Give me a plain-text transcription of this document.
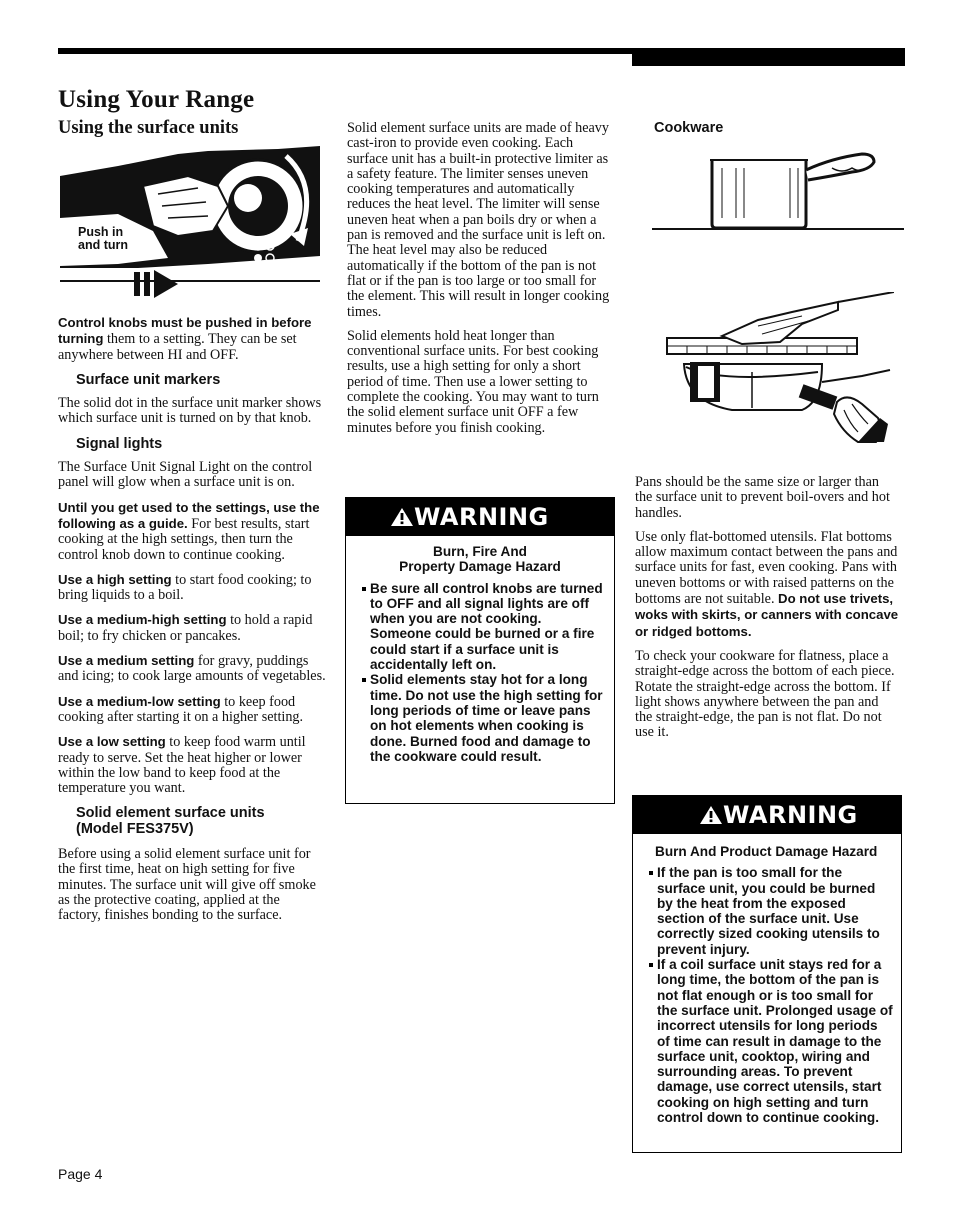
Using Your Range
Using the surface units
Push in
and turn

Control knobs must be pushed in before turning them to a setting. They can be set anywhere between HI and OFF.

Surface unit markers

The solid dot in the surface unit marker shows which surface unit is turned on by that knob.

Signal lights

The Surface Unit Signal Light on the control panel will glow when a surface unit is on.

Until you get used to the settings, use the following as a guide. For best results, start cooking at the high settings, then turn the control knob down to continue cooking.

Use a high setting to start food cooking; to bring liquids to a boil.

Use a medium-high setting to hold a rapid boil; to fry chicken or pancakes.

Use a medium setting for gravy, puddings and icing; to cook large amounts of vegetables.

Use a medium-low setting to keep food cooking after starting it on a higher setting.

Use a low setting to keep food warm until ready to serve. Set the heat higher or lower within the low band to keep food at the temperature you want.

Solid element surface units
(Model FES375V)

Before using a solid element surface unit for the first time, heat on high setting for five minutes. The surface unit will give off smoke as the protective coating, applied at the factory, finishes bonding to the surface.

Solid element surface units are made of heavy cast-iron to provide even cooking. Each surface unit has a built-in protective limiter as a safety feature. The limiter senses uneven cooking temperatures and automatically reduces the heat level. The limiter will sense uneven heat when a pan boils dry or when a pan is removed and the surface unit is left on. The heat level may also be reduced automatically if the bottom of the pan is not flat or if the pan is too large or too small for the element. This will result in longer cooking times.

Solid elements hold heat longer than conventional surface units. For best cooking results, use a high setting for only a short period of time. Then use a lower setting to complete the cooking. You may want to turn the solid element surface unit OFF a few minutes before you finish cooking.

WARNING
Burn, Fire And
Property Damage Hazard

Be sure all control knobs are turned to OFF and all signal lights are off when you are not cooking. Someone could be burned or a fire could start if a surface unit is accidentally left on.

Solid elements stay hot for a long time. Do not use the high setting for long periods of time or leave pans on hot elements when cooking is done. Burned food and damage to the cookware could result.

Cookware

Pans should be the same size or larger than the surface unit to prevent boil-overs and hot handles.

Use only flat-bottomed utensils. Flat bottoms allow maximum contact between the pans and surface units for fast, even cooking. Pans with uneven bottoms or with raised patterns on the bottoms are not suitable. Do not use trivets, woks with skirts, or canners with concave or ridged bottoms.

To check your cookware for flatness, place a straight-edge across the bottom of each piece. Rotate the straight-edge across the bottom. If light shows anywhere between the pan and the straight-edge, the pan is not flat. Do not use it.

WARNING
Burn And Product Damage Hazard

If the pan is too small for the surface unit, you could be burned by the heat from the exposed section of the surface unit. Use correctly sized cooking utensils to prevent injury.

If a coil surface unit stays red for a long time, the bottom of the pan is not flat enough or is too small for the surface unit. Prolonged usage of incorrect utensils for long periods of time can result in damage to the surface unit, cooktop, wiring and surrounding areas. To prevent damage, use correct utensils, start cooking on high setting and turn control down to continue cooking.

Page 4
